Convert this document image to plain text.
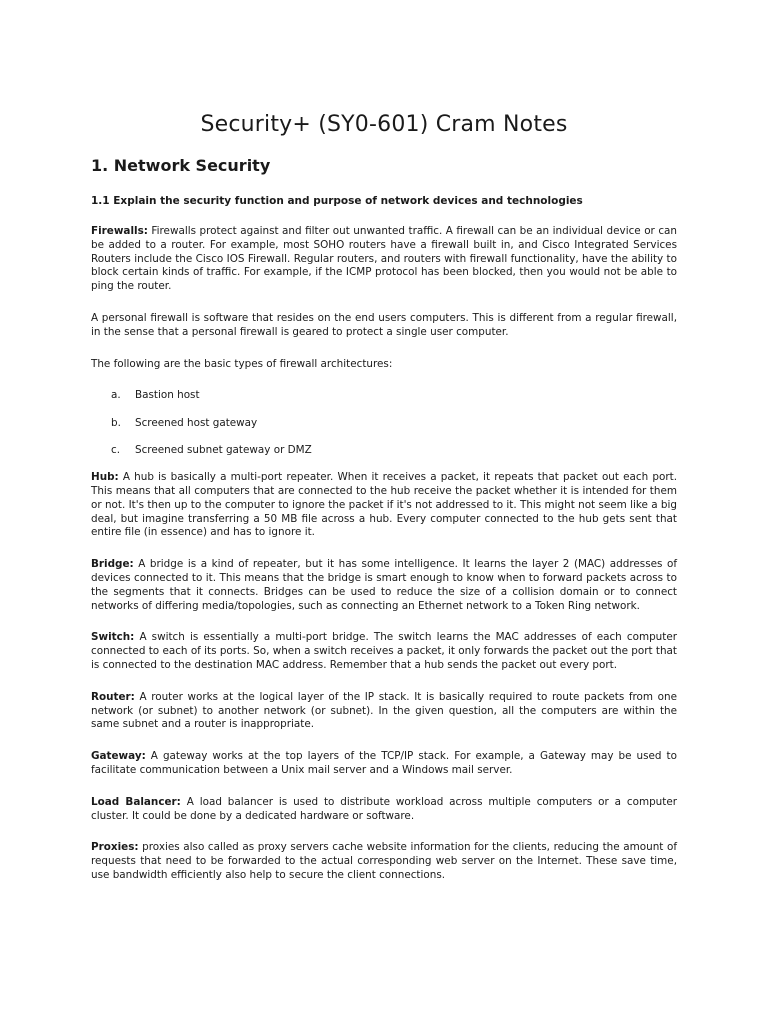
Security+ (SY0-601) Cram Notes
1. Network Security
1.1 Explain the security function and purpose of network devices and technologies

Firewalls: Firewalls protect against and filter out unwanted traffic. A firewall can be an individual device or can be added to a router. For example, most SOHO routers have a firewall built in, and Cisco Integrated Services Routers include the Cisco IOS Firewall. Regular routers, and routers with firewall functionality, have the ability to block certain kinds of traffic. For example, if the ICMP protocol has been blocked, then you would not be able to ping the router.

A personal firewall is software that resides on the end users computers. This is different from a regular firewall, in the sense that a personal firewall is geared to protect a single user computer.

The following are the basic types of firewall architectures:

a.	Bastion host
b.	Screened host gateway
c.	Screened subnet gateway or DMZ

Hub: A hub is basically a multi-port repeater. When it receives a packet, it repeats that packet out each port. This means that all computers that are connected to the hub receive the packet whether it is intended for them or not. It's then up to the computer to ignore the packet if it's not addressed to it. This might not seem like a big deal, but imagine transferring a 50 MB file across a hub. Every computer connected to the hub gets sent that entire file (in essence) and has to ignore it.

Bridge: A bridge is a kind of repeater, but it has some intelligence. It learns the layer 2 (MAC) addresses of devices connected to it. This means that the bridge is smart enough to know when to forward packets across to the segments that it connects. Bridges can be used to reduce the size of a collision domain or to connect networks of differing media/topologies, such as connecting an Ethernet network to a Token Ring network.

Switch: A switch is essentially a multi-port bridge. The switch learns the MAC addresses of each computer connected to each of its ports. So, when a switch receives a packet, it only forwards the packet out the port that is connected to the destination MAC address. Remember that a hub sends the packet out every port.

Router: A router works at the logical layer of the IP stack. It is basically required to route packets from one network (or subnet) to another network (or subnet). In the given question, all the computers are within the same subnet and a router is inappropriate.

Gateway: A gateway works at the top layers of the TCP/IP stack. For example, a Gateway may be used to facilitate communication between a Unix mail server and a Windows mail server.

Load Balancer: A load balancer is used to distribute workload across multiple computers or a computer cluster. It could be done by a dedicated hardware or software.

Proxies: proxies also called as proxy servers cache website information for the clients, reducing the amount of requests that need to be forwarded to the actual corresponding web server on the Internet. These save time, use bandwidth efficiently also help to secure the client connections.
